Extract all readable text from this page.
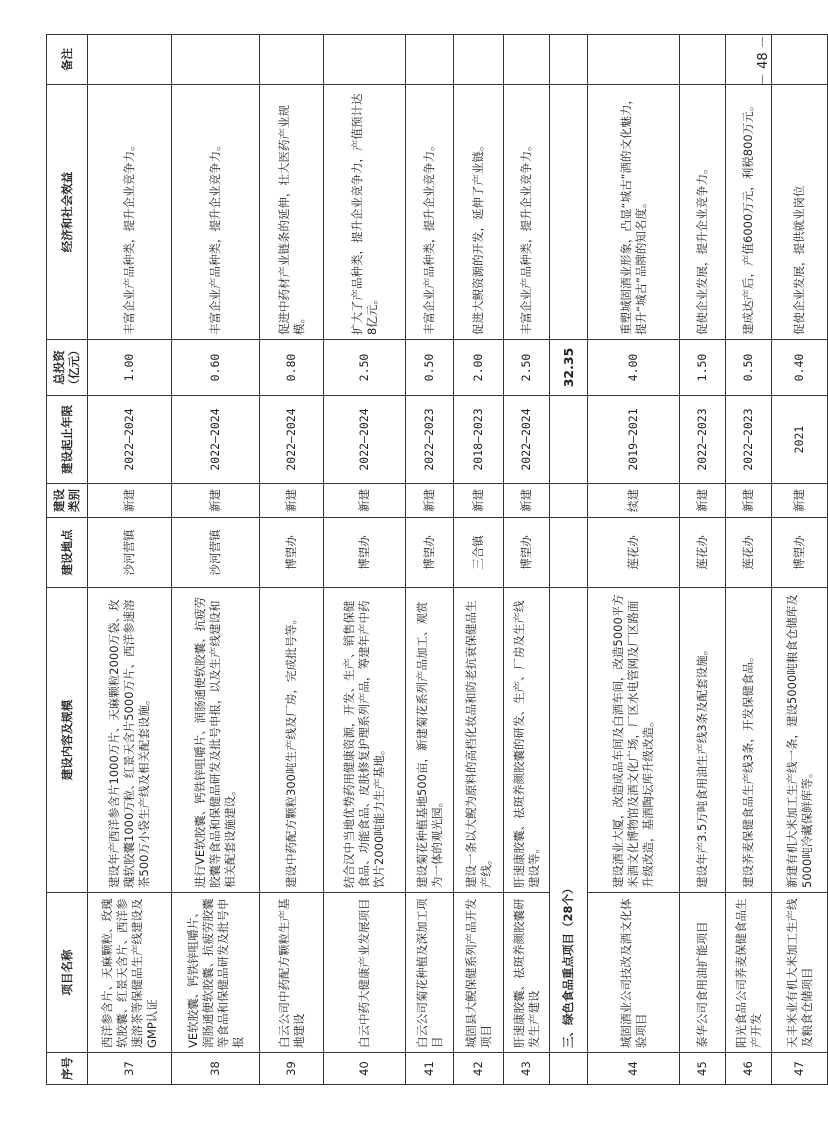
序号	项目名称	建设内容及规模	建设地点	建设类别	建设起止年限	总投资（亿元）	经济和社会效益	备注
37	西洋参含片、天麻颗粒、玫瑰软胶囊、红景天含片、西洋参速溶茶等保健品生产线建设及GMP认证	建设年产西洋参含片1000万片、天麻颗粒2000万袋、玫瑰软胶囊1000万粒、红景天含片5000万片、西洋参速溶茶500万小袋生产线及相关配套设施。	沙河营镇	新建	2022—2024	1.00	丰富企业产品种类，提升企业竞争力。	
38	VE软胶囊、钙铁锌咀嚼片、润肠通便软胶囊、抗疲劳胶囊等食品和保健品研发及批号申报	进行VE软胶囊、钙铁锌咀嚼片、润肠通便软胶囊、抗疲劳胶囊等食品和保健品研发及批号申报，以及生产线建设和相关配套设施建设。	沙河营镇	新建	2022—2024	0.60	丰富企业产品种类，提升企业竞争力。	
39	白云公司中药配方颗粒生产基地建设	建设中药配方颗粒300吨生产线及厂房，完成批号等。	博望办	新建	2022—2024	0.80	促进中药材产业链条的延伸，壮大医药产业规模。	
40	白云中药大健康产业发展项目	结合汉中当地优势药用健康资源，开发、生产、销售保健食品、功能食品、皮肤修复护理系列产品，筹建年产中药饮片2000吨能力生产基地。	博望办	新建	2022—2024	2.50	扩大了产品种类，提升企业竞争力，产值预计达8亿元。	
41	白云公司菊花种植及深加工项目	建设菊花种植基地500亩，新建菊花系列产品加工、观赏为一体的观光园。	博望办	新建	2022—2023	0.50	丰富企业产品种类，提升企业竞争力。	
42	城固县大鲵保健系列产品开发项目	建设一条以大鲵为原料的高档化妆品和防老抗衰保健品生产线。	三合镇	新建	2018—2023	2.00	促进大鲵资源的开发，延伸了产业链。	
43	肝速康胶囊、祛斑养颜胶囊研发生产建设	肝速康胶囊、祛斑养颜胶囊的研发、生产、厂房及生产线建设等。	博望办	新建	2022—2024	2.50	丰富企业产品种类，提升企业竞争力。	
	三、绿色食品重点项目（28个）					32.35		
44	城固酒业公司技改及酒文化体验项目	建设酒业大厦，改造成品车间及白酒车间，改造5000平方米酒文化博物馆及酒文化广场，厂区水电管网及厂区路面升级改造，基酒陶坛库升级改造。	莲花办	续建	2019—2021	4.00	重塑城固酒业形象，凸显“城古”酒的文化魅力，提升“城古”品牌的知名度。	
45	泰华公司食用油扩能项目	建设年产3.5万吨食用油生产线3条及配套设施。	莲花办	新建	2022—2023	1.50	促使企业发展，提升企业竞争力。	
46	阳光食品公司荞麦保健食品生产开发	建设荞麦保健食品生产线3条，开发保健食品。	莲花办	新建	2022—2023	0.50	建成达产后，产值6000万元，利税800万元。	
47	天丰米业有机大米加工生产线及粮食仓储项目	新建有机大米加工生产线一条，建设5000吨粮食仓储库及5000吨冷藏保鲜库等。	博望办	新建	2021	0.40	促使企业发展，提供就业岗位	
－ 48 －
